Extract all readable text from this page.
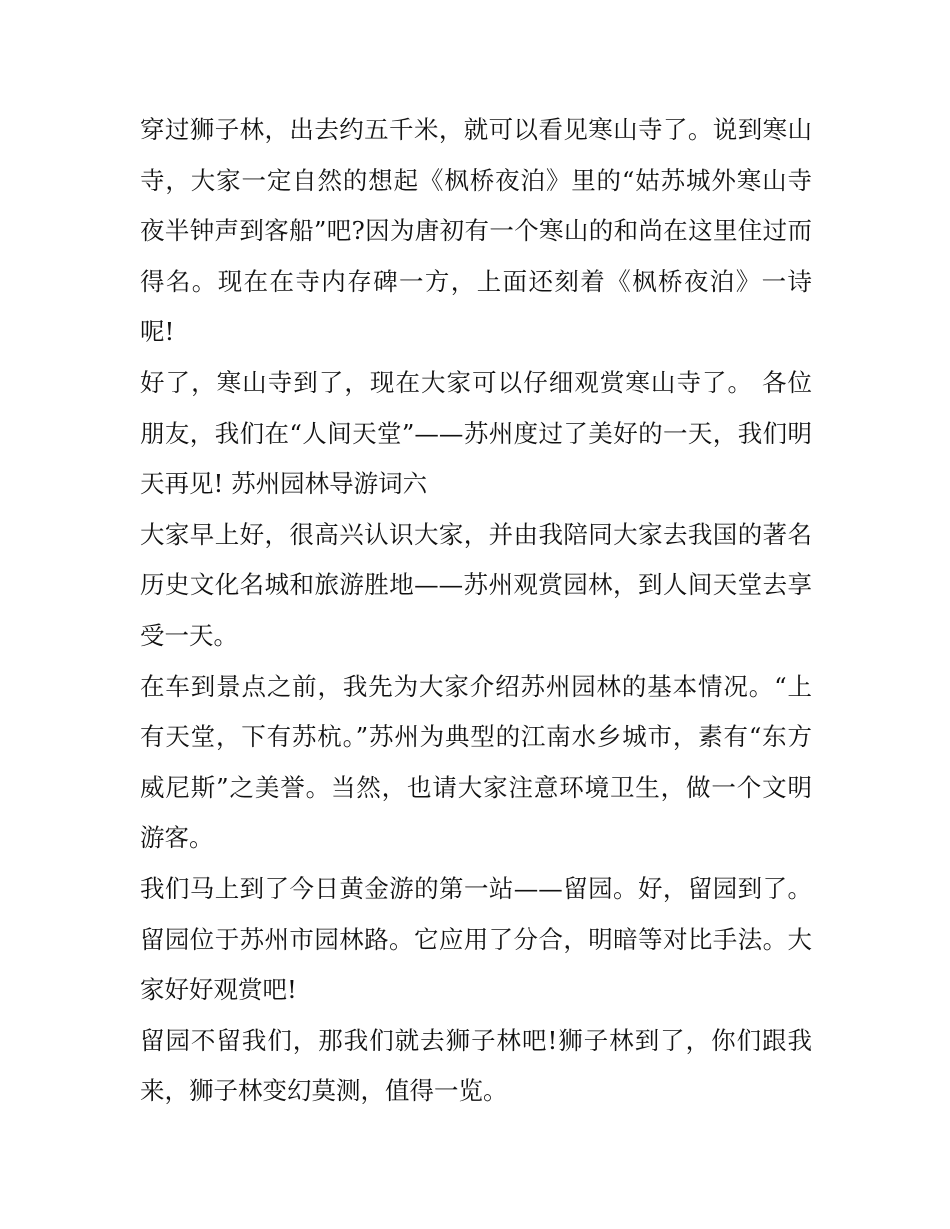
穿过狮子林，出去约五千米，就可以看见寒山寺了。说到寒山
寺，大家一定自然的想起《枫桥夜泊》里的“姑苏城外寒山寺
夜半钟声到客船”吧?因为唐初有一个寒山的和尚在这里住过而
得名。现在在寺内存碑一方，上面还刻着《枫桥夜泊》一诗
呢!
好了，寒山寺到了，现在大家可以仔细观赏寒山寺了。 各位
朋友，我们在“人间天堂”——苏州度过了美好的一天，我们明
天再见! 苏州园林导游词六
大家早上好，很高兴认识大家，并由我陪同大家去我国的著名
历史文化名城和旅游胜地——苏州观赏园林，到人间天堂去享
受一天。
在车到景点之前，我先为大家介绍苏州园林的基本情况。“上
有天堂，下有苏杭。”苏州为典型的江南水乡城市，素有“东方
威尼斯”之美誉。当然，也请大家注意环境卫生，做一个文明
游客。
我们马上到了今日黄金游的第一站——留园。好，留园到了。
留园位于苏州市园林路。它应用了分合，明暗等对比手法。大
家好好观赏吧!
留园不留我们，那我们就去狮子林吧!狮子林到了，你们跟我
来，狮子林变幻莫测，值得一览。
